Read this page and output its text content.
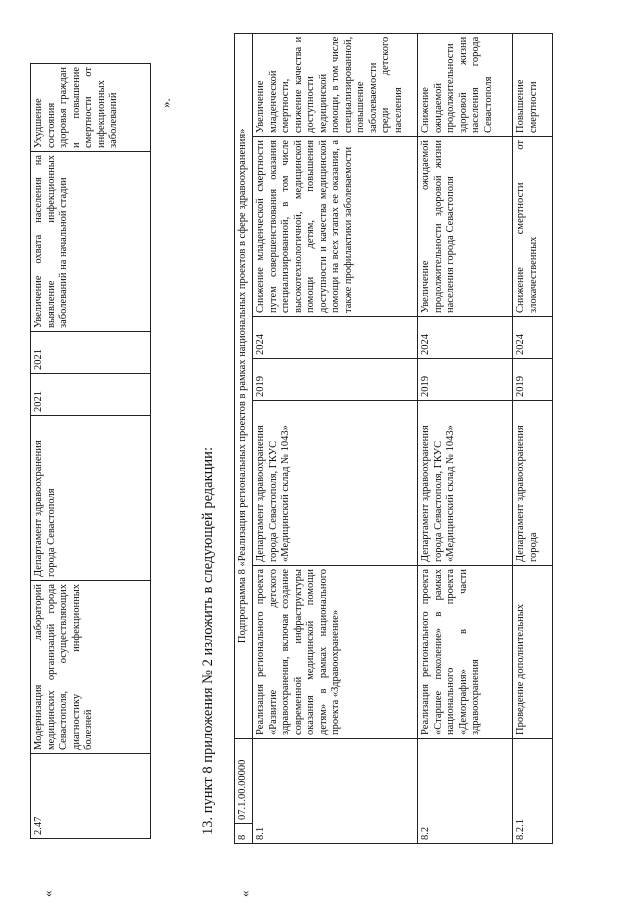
«
2.47	Модернизация лабораторий медицинских организаций города Севастополя, осуществляющих диагностику инфекционных болезней	Департамент здравоохранения города Севастополя	2021	2021	Увеличение охвата населения на выявление инфекционных заболеваний на начальной стадии	Ухудшение состояния здоровья граждан и повышение смертности от инфекционных заболеваний	».
13. пункт 8 приложения № 2 изложить в следующей редакции:
«
8	07.1.00.00000	Подпрограмма 8 «Реализация региональных проектов в рамках национальных проектов в сфере здравоохранения»					
8.1		Реализация регионального проекта «Развитие детского здравоохранения, включая создание современной инфраструктуры оказания медицинской помощи детям» в рамках национального проекта «Здравоохранение»	Департамент здравоохранения города Севастополя, ГКУС «Медицинский склад № 1043»	2019	2024	Снижение младенческой смертности путем совершенствования оказания специализированной, в том числе высокотехнологичной, медицинской помощи детям, повышения доступности и качества медицинской помощи на всех этапах ее оказания, а также профилактики заболеваемости	Увеличение младенческой смертности, снижение качества и доступности медицинской помощи, в том числе специализированной, повышение заболеваемости среди детского населения
8.2		Реализация регионального проекта «Старшее поколение» в рамках национального проекта «Демография» в части здравоохранения	Департамент здравоохранения города Севастополя, ГКУС «Медицинский склад № 1043»	2019	2024	Увеличение ожидаемой продолжительности здоровой жизни населения города Севастополя	Снижение ожидаемой продолжительности здоровой жизни населения города Севастополя
8.2.1		Проведение дополнительных	Департамент здравоохранения города	2019	2024	Снижение смертности от злокачественных	Повышение смертности
